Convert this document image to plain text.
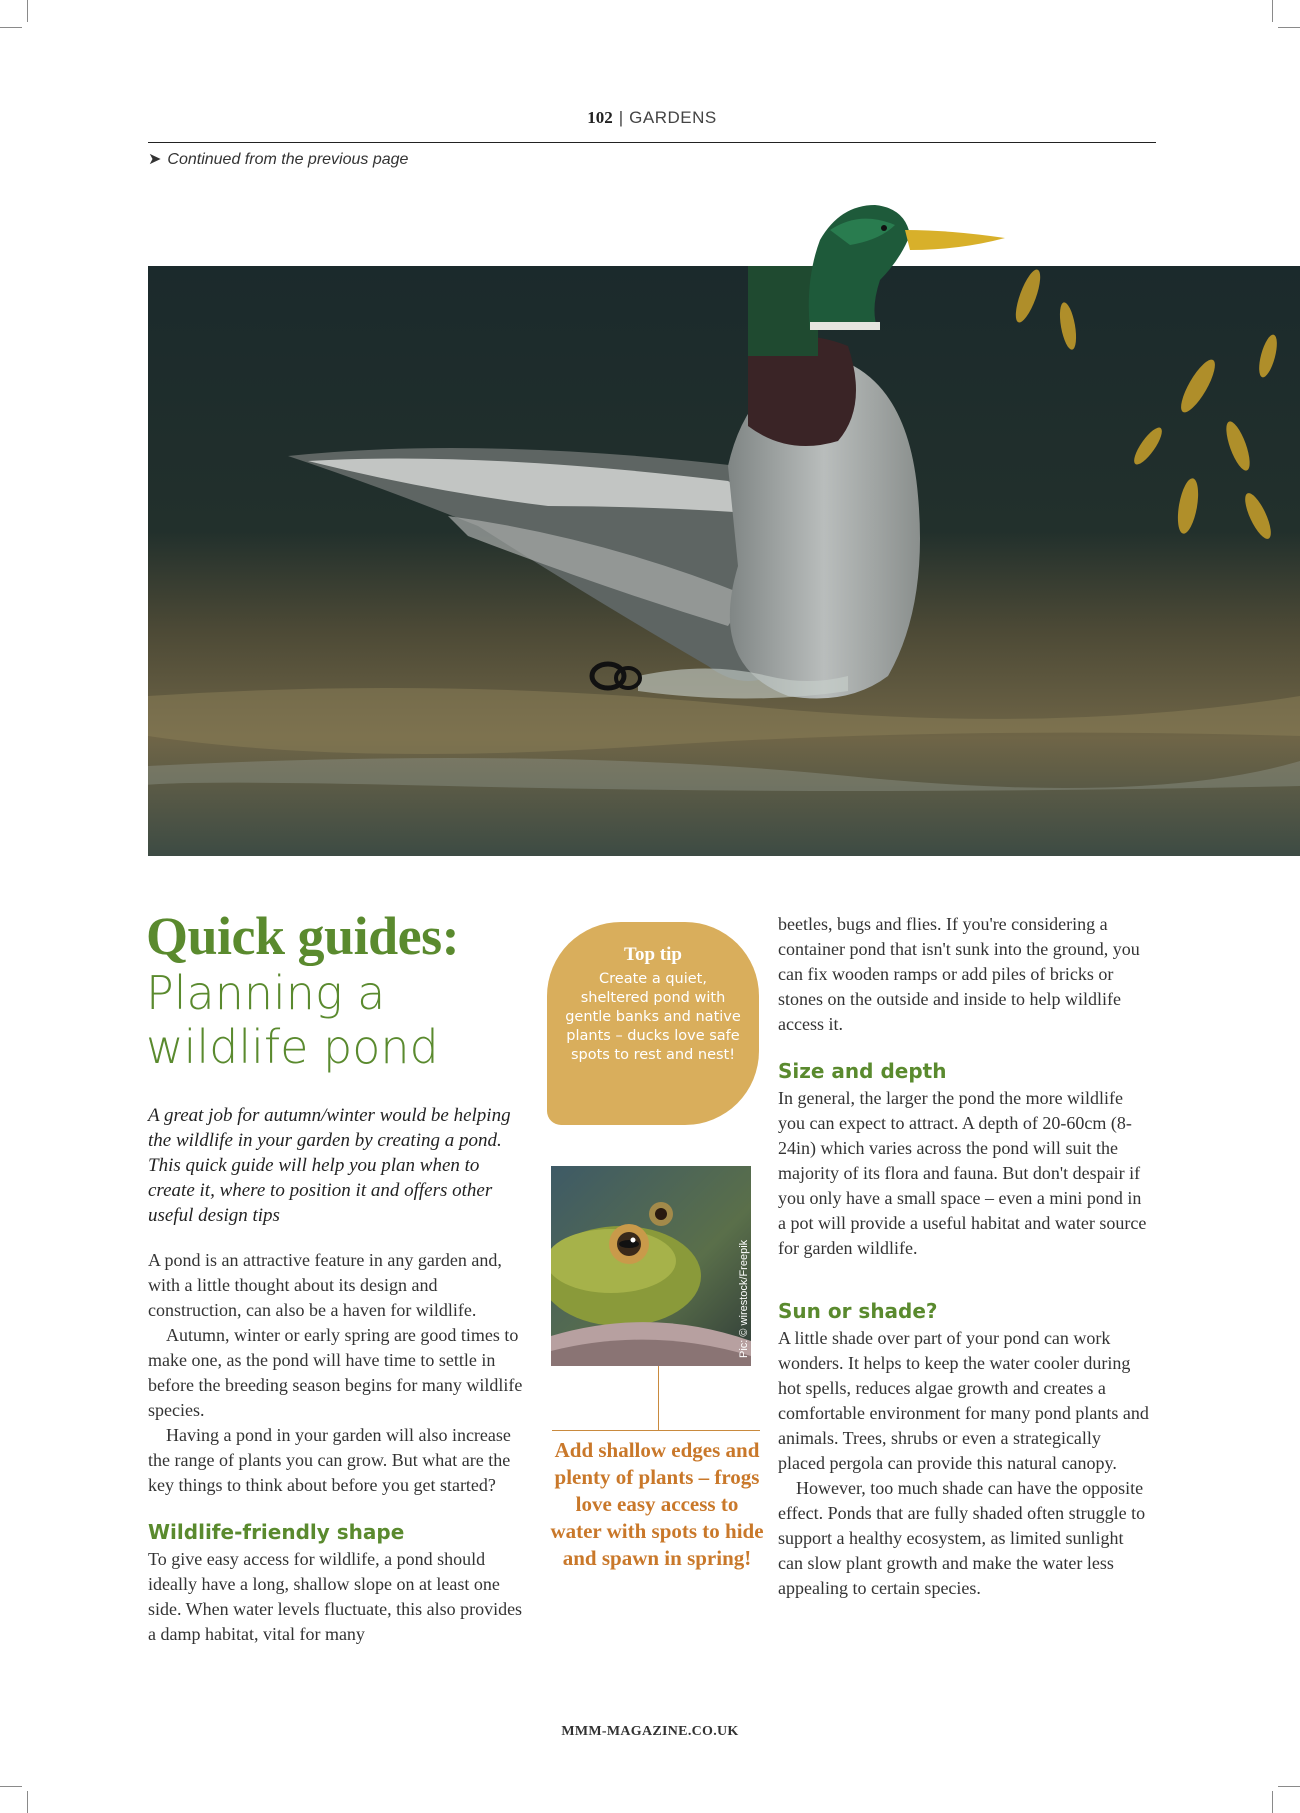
102 | GARDENS
➤ Continued from the previous page
Quick guides:
Planning a wildlife pond
A great job for autumn/winter would be helping the wildlife in your garden by creating a pond. This quick guide will help you plan when to create it, where to position it and offers other useful design tips

A pond is an attractive feature in any garden and, with a little thought about its design and construction, can also be a haven for wildlife.

Autumn, winter or early spring are good times to make one, as the pond will have time to settle in before the breeding season begins for many wildlife species.

Having a pond in your garden will also increase the range of plants you can grow. But what are the key things to think about before you get started?

Wildlife-friendly shape

To give easy access for wildlife, a pond should ideally have a long, shallow slope on at least one side. When water levels fluctuate, this also provides a damp habitat, vital for many

Top tip
Create a quiet, sheltered pond with gentle banks and native plants – ducks love safe spots to rest and nest!
Pic: © wirestock/Freepik
Add shallow edges and plenty of plants – frogs love easy access to water with spots to hide and spawn in spring!

beetles, bugs and flies. If you're considering a container pond that isn't sunk into the ground, you can fix wooden ramps or add piles of bricks or stones on the outside and inside to help wildlife access it.

Size and depth

In general, the larger the pond the more wildlife you can expect to attract. A depth of 20-60cm (8-24in) which varies across the pond will suit the majority of its flora and fauna. But don't despair if you only have a small space – even a mini pond in a pot will provide a useful habitat and water source for garden wildlife.

Sun or shade?

A little shade over part of your pond can work wonders. It helps to keep the water cooler during hot spells, reduces algae growth and creates a comfortable environment for many pond plants and animals. Trees, shrubs or even a strategically placed pergola can provide this natural canopy.

However, too much shade can have the opposite effect. Ponds that are fully shaded often struggle to support a healthy ecosystem, as limited sunlight can slow plant growth and make the water less appealing to certain species.

MMM-MAGAZINE.CO.UK
